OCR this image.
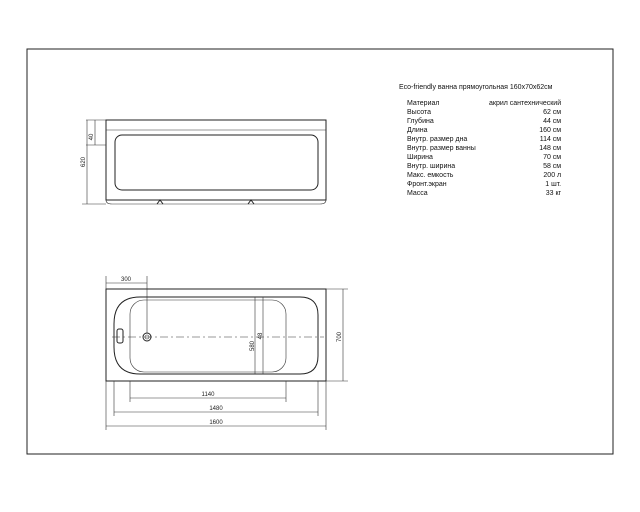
40
620
580
48
300
700
1140
1480
1600
Eco-friendly ванна прямоугольная 160x70x62см
Материал	акрил сантехнический
Высота	62 см
Глубина	44 см
Длина	160 см
Внутр. размер дна	114 см
Внутр. размер ванны	148 см
Ширина	70 см
Внутр. ширина	58 см
Макс. емкость	200 л
Фронт.экран	1 шт.
Масса	33 кг
